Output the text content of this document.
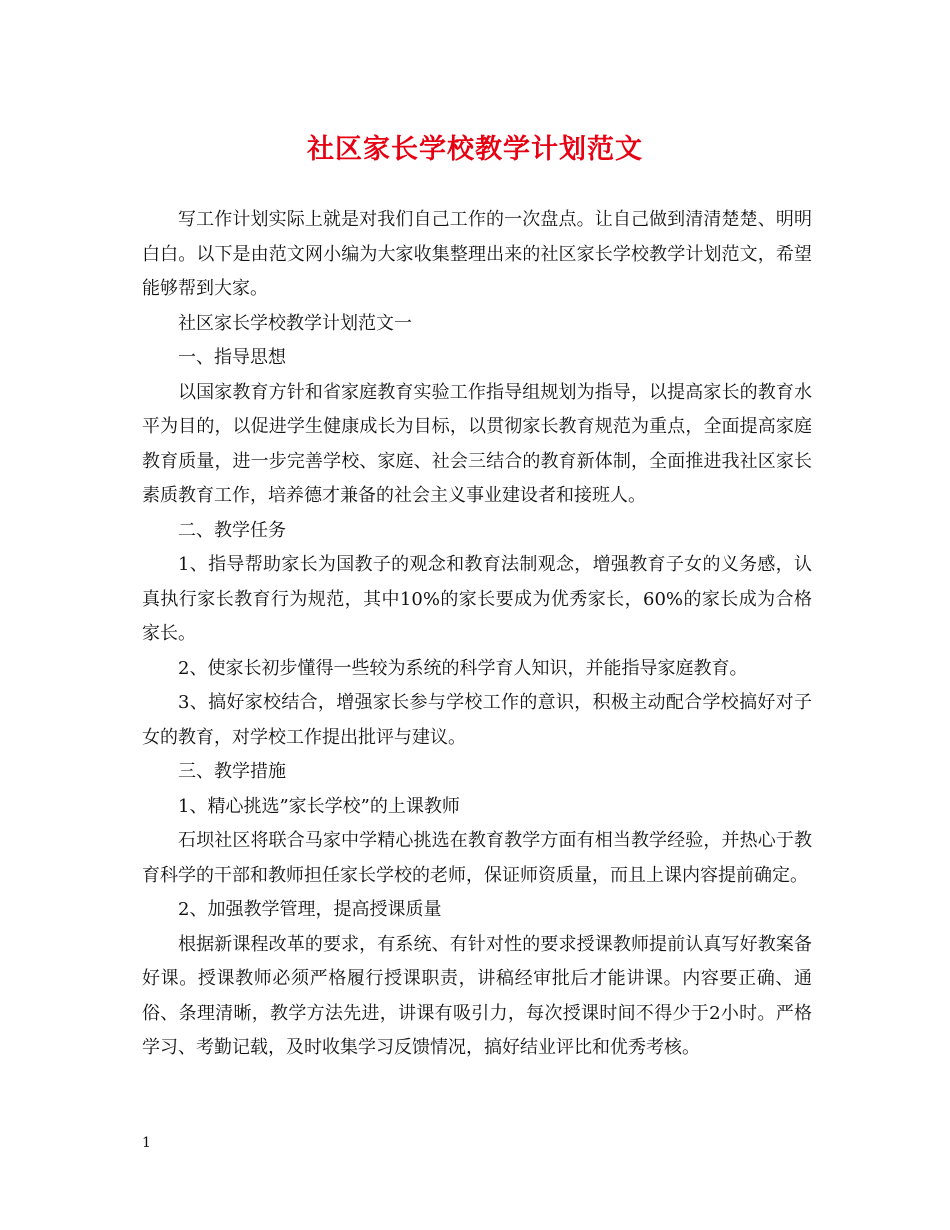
社区家长学校教学计划范文

写工作计划实际上就是对我们自己工作的一次盘点。让自己做到清清楚楚、明明白白。以下是由范文网小编为大家收集整理出来的社区家长学校教学计划范文，希望能够帮到大家。

社区家长学校教学计划范文一

一、指导思想

以国家教育方针和省家庭教育实验工作指导组规划为指导，以提高家长的教育水平为目的，以促进学生健康成长为目标，以贯彻家长教育规范为重点，全面提高家庭教育质量，进一步完善学校、家庭、社会三结合的教育新体制，全面推进我社区家长素质教育工作，培养德才兼备的社会主义事业建设者和接班人。

二、教学任务

1、指导帮助家长为国教子的观念和教育法制观念，增强教育子女的义务感，认真执行家长教育行为规范，其中10%的家长要成为优秀家长，60%的家长成为合格家长。

2、使家长初步懂得一些较为系统的科学育人知识，并能指导家庭教育。

3、搞好家校结合，增强家长参与学校工作的意识，积极主动配合学校搞好对子女的教育，对学校工作提出批评与建议。

三、教学措施

1、精心挑选”家长学校”的上课教师

石坝社区将联合马家中学精心挑选在教育教学方面有相当教学经验，并热心于教育科学的干部和教师担任家长学校的老师，保证师资质量，而且上课内容提前确定。

2、加强教学管理，提高授课质量

根据新课程改革的要求，有系统、有针对性的要求授课教师提前认真写好教案备好课。授课教师必须严格履行授课职责，讲稿经审批后才能讲课。内容要正确、通俗、条理清晰，教学方法先进，讲课有吸引力，每次授课时间不得少于2小时。严格学习、考勤记载，及时收集学习反馈情况，搞好结业评比和优秀考核。

1
